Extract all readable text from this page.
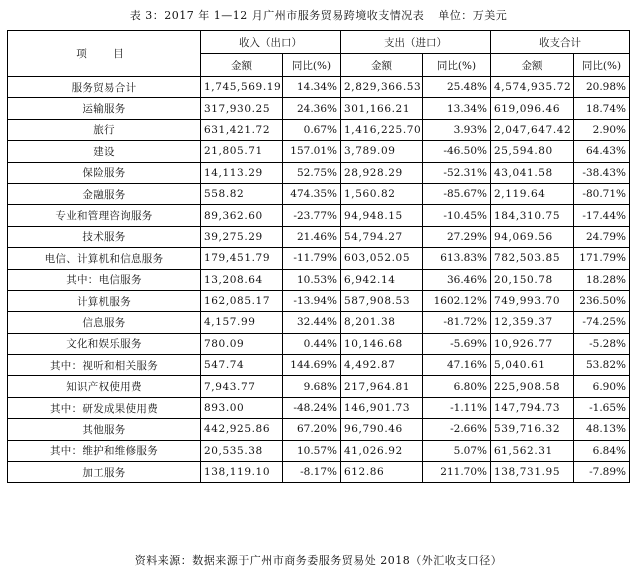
表 3：2017 年 1—12 月广州市服务贸易跨境收支情况表 单位：万美元
项　目	收入（出口）		支出（进口）		收支合计	
	金额	同比(%)	金额	同比(%)	金额	同比(%)
服务贸易合计	1,745,569.19	14.34%	2,829,366.53	25.48%	4,574,935.72	20.98%
运输服务	317,930.25	24.36%	301,166.21	13.34%	619,096.46	18.74%
旅行	631,421.72	0.67%	1,416,225.70	3.93%	2,047,647.42	2.90%
建设	21,805.71	157.01%	3,789.09	-46.50%	25,594.80	64.43%
保险服务	14,113.29	52.75%	28,928.29	-52.31%	43,041.58	-38.43%
金融服务	558.82	474.35%	1,560.82	-85.67%	2,119.64	-80.71%
专业和管理咨询服务	89,362.60	-23.77%	94,948.15	-10.45%	184,310.75	-17.44%
技术服务	39,275.29	21.46%	54,794.27	27.29%	94,069.56	24.79%
电信、计算机和信息服务	179,451.79	-11.79%	603,052.05	613.83%	782,503.85	171.79%
其中：电信服务	13,208.64	10.53%	6,942.14	36.46%	20,150.78	18.28%
计算机服务	162,085.17	-13.94%	587,908.53	1602.12%	749,993.70	236.50%
信息服务	4,157.99	32.44%	8,201.38	-81.72%	12,359.37	-74.25%
文化和娱乐服务	780.09	0.44%	10,146.68	-5.69%	10,926.77	-5.28%
其中：视听和相关服务	547.74	144.69%	4,492.87	47.16%	5,040.61	53.82%
知识产权使用费	7,943.77	9.68%	217,964.81	6.80%	225,908.58	6.90%
其中：研发成果使用费	893.00	-48.24%	146,901.73	-1.11%	147,794.73	-1.65%
其他服务	442,925.86	67.20%	96,790.46	-2.66%	539,716.32	48.13%
其中：维护和维修服务	20,535.38	10.57%	41,026.92	5.07%	61,562.31	6.84%
加工服务	138,119.10	-8.17%	612.86	211.70%	138,731.95	-7.89%
资料来源：数据来源于广州市商务委服务贸易处 2018（外汇收支口径）
